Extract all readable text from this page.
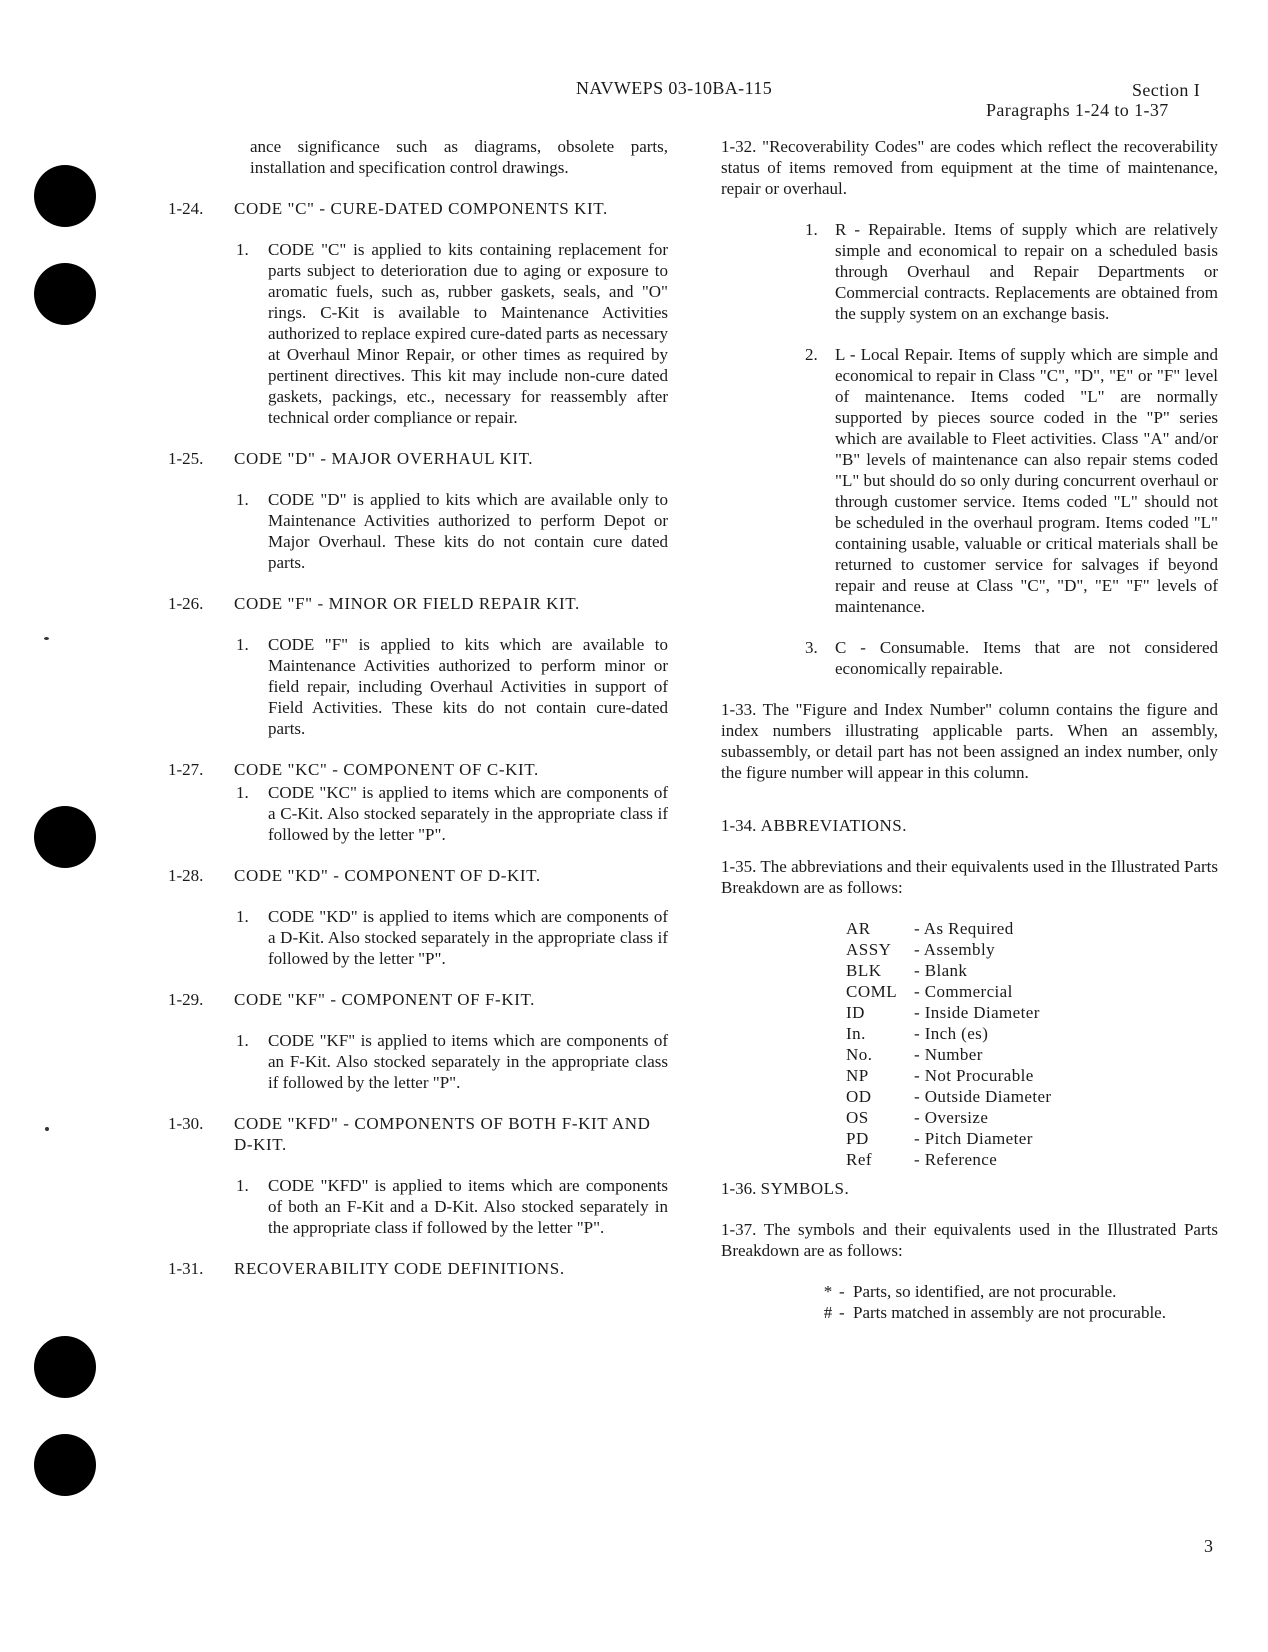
NAVWEPS 03-10BA-115	Section I
Paragraphs 1-24 to 1-37

ance significance such as diagrams, obsolete parts, installation and specification control drawings.

1-24.	CODE "C" - CURE-DATED COMPONENTS KIT.
1.	CODE "C" is applied to kits containing replacement for parts subject to deterioration due to aging or exposure to aromatic fuels, such as, rubber gaskets, seals, and "O" rings. C-Kit is available to Maintenance Activities authorized to replace expired cure-dated parts as necessary at Overhaul Minor Repair, or other times as required by pertinent directives. This kit may include non-cure dated gaskets, packings, etc., necessary for reassembly after technical order compliance or repair.

1-25.	CODE "D" - MAJOR OVERHAUL KIT.
1.	CODE "D" is applied to kits which are available only to Maintenance Activities authorized to perform Depot or Major Overhaul. These kits do not contain cure dated parts.

1-26.	CODE "F" - MINOR OR FIELD REPAIR KIT.
1.	CODE "F" is applied to kits which are available to Maintenance Activities authorized to perform minor or field repair, including Overhaul Activities in support of Field Activities. These kits do not contain cure-dated parts.

1-27.	CODE "KC" - COMPONENT OF C-KIT.
1.	CODE "KC" is applied to items which are components of a C-Kit. Also stocked separately in the appropriate class if followed by the letter "P".

1-28.	CODE "KD" - COMPONENT OF D-KIT.
1.	CODE "KD" is applied to items which are components of a D-Kit. Also stocked separately in the appropriate class if followed by the letter "P".

1-29.	CODE "KF" - COMPONENT OF F-KIT.
1.	CODE "KF" is applied to items which are components of an F-Kit. Also stocked separately in the appropriate class if followed by the letter "P".

1-30.	CODE "KFD" - COMPONENTS OF BOTH F-KIT AND D-KIT.
1.	CODE "KFD" is applied to items which are components of both an F-Kit and a D-Kit. Also stocked separately in the appropriate class if followed by the letter "P".

1-31.	RECOVERABILITY CODE DEFINITIONS.

1-32. "Recoverability Codes" are codes which reflect the recoverability status of items removed from equipment at the time of maintenance, repair or overhaul.

1.	R - Repairable. Items of supply which are relatively simple and economical to repair on a scheduled basis through Overhaul and Repair Departments or Commercial contracts. Replacements are obtained from the supply system on an exchange basis.

2.	L - Local Repair. Items of supply which are simple and economical to repair in Class "C", "D", "E" or "F" level of maintenance. Items coded "L" are normally supported by pieces source coded in the "P" series which are available to Fleet activities. Class "A" and/or "B" levels of maintenance can also repair stems coded "L" but should do so only during concurrent overhaul or through customer service. Items coded "L" should not be scheduled in the overhaul program. Items coded "L" containing usable, valuable or critical materials shall be returned to customer service for salvages if beyond repair and reuse at Class "C", "D", "E" "F" levels of maintenance.

3.	C - Consumable. Items that are not considered economically repairable.

1-33. The "Figure and Index Number" column contains the figure and index numbers illustrating applicable parts. When an assembly, subassembly, or detail part has not been assigned an index number, only the figure number will appear in this column.

1-34. ABBREVIATIONS.

1-35. The abbreviations and their equivalents used in the Illustrated Parts Breakdown are as follows:

AR	- As Required
ASSY	- Assembly
BLK	- Blank
COML - Commercial
ID	- Inside Diameter
In.	- Inch (es)
No.	- Number
NP	- Not Procurable
OD	- Outside Diameter
OS	- Oversize
PD	- Pitch Diameter
Ref	- Reference

1-36. SYMBOLS.

1-37. The symbols and their equivalents used in the Illustrated Parts Breakdown are as follows:

* - Parts, so identified, are not procurable.

# - Parts matched in assembly are not procurable.

3
